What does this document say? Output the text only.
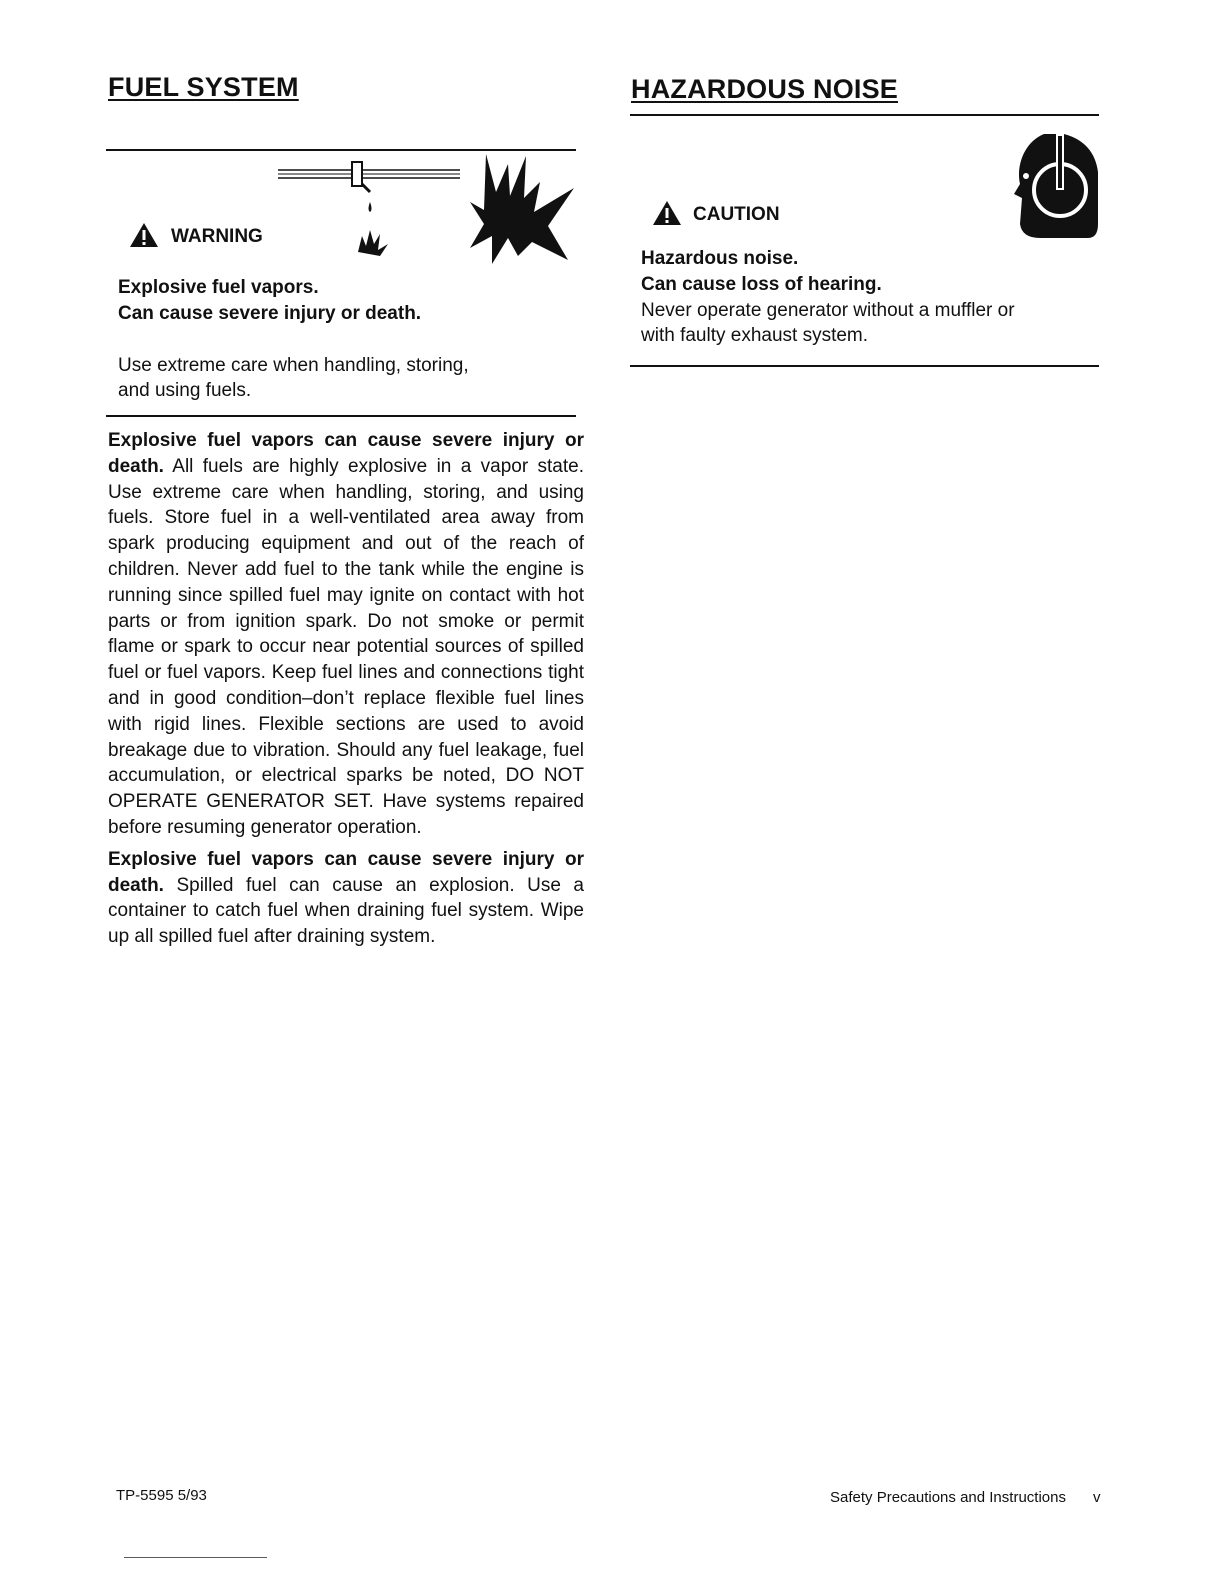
FUEL SYSTEM
WARNING
Explosive fuel vapors.
Can cause severe injury or death.
Use extreme care when handling, storing,
and using fuels.

Explosive fuel vapors can cause severe injury or death. All fuels are highly explosive in a vapor state. Use extreme care when handling, storing, and using fuels. Store fuel in a well-ventilated area away from spark producing equipment and out of the reach of children. Never add fuel to the tank while the engine is running since spilled fuel may ignite on contact with hot parts or from ignition spark. Do not smoke or permit flame or spark to occur near potential sources of spilled fuel or fuel vapors. Keep fuel lines and connections tight and in good condition–don’t replace flexible fuel lines with rigid lines. Flexible sections are used to avoid breakage due to vibration. Should any fuel leakage, fuel accumulation, or electrical sparks be noted, DO NOT OPERATE GENERATOR SET. Have systems repaired before resuming generator operation.

Explosive fuel vapors can cause severe injury or death. Spilled fuel can cause an explosion. Use a container to catch fuel when draining fuel system. Wipe up all spilled fuel after draining system.

HAZARDOUS NOISE
CAUTION
Hazardous noise.
Can cause loss of hearing.
Never operate generator without a muffler or
with faulty exhaust system.
TP-5595 5/93	Safety Precautions and Instructions v
